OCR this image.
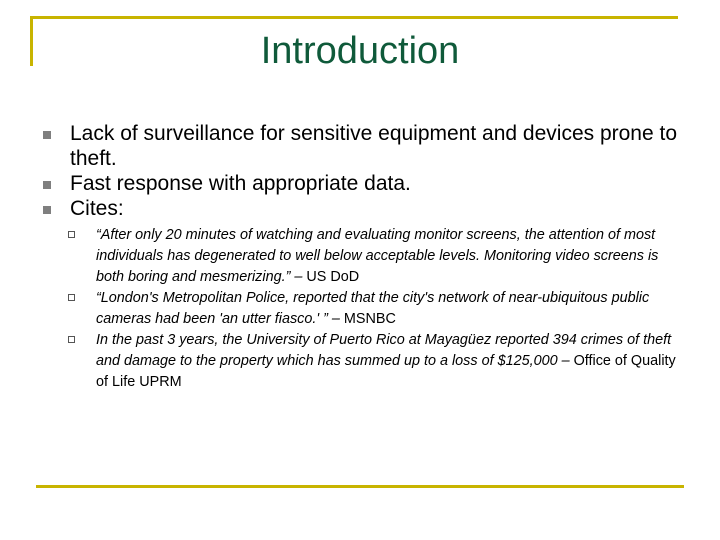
Introduction
Lack of surveillance for sensitive equipment and devices prone to theft.
Fast response with appropriate data.
Cites:
“After only 20 minutes of watching and evaluating monitor screens, the attention of most individuals has degenerated to well below acceptable levels. Monitoring video screens is both boring and mesmerizing.” – US DoD
“London's Metropolitan Police, reported that the city's network of near-ubiquitous public cameras had been 'an utter fiasco.' ” – MSNBC
In the past 3 years, the University of Puerto Rico at Mayagüez reported 394 crimes of theft and damage to the property which has summed up to a loss of $125,000 – Office of Quality of Life UPRM
